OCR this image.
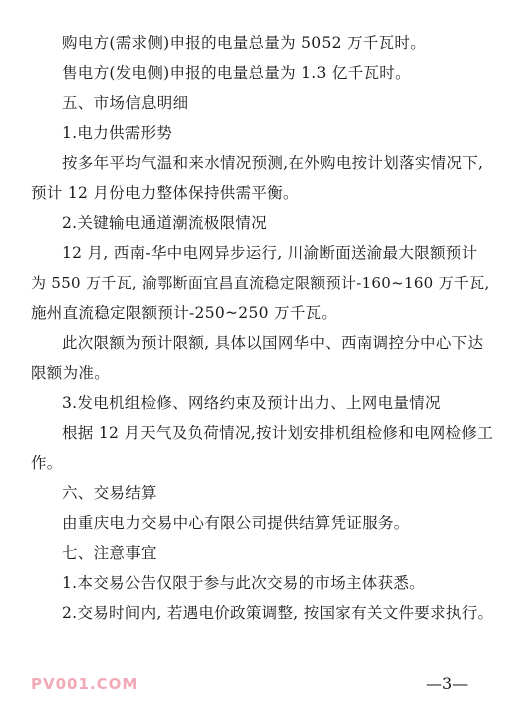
购电方(需求侧)申报的电量总量为 5052 万千瓦时。
售电方(发电侧)申报的电量总量为 1.3 亿千瓦时。
五、市场信息明细
1.电力供需形势
按多年平均气温和来水情况预测,在外购电按计划落实情况下,
预计 12 月份电力整体保持供需平衡。
2.关键输电通道潮流极限情况
12 月, 西南-华中电网异步运行, 川渝断面送渝最大限额预计
为 550 万千瓦, 渝鄂断面宜昌直流稳定限额预计-160~160 万千瓦,
施州直流稳定限额预计-250~250 万千瓦。
此次限额为预计限额, 具体以国网华中、西南调控分中心下达
限额为准。
3.发电机组检修、网络约束及预计出力、上网电量情况
根据 12 月天气及负荷情况,按计划安排机组检修和电网检修工
作。
六、交易结算
由重庆电力交易中心有限公司提供结算凭证服务。
七、注意事宜
1.本交易公告仅限于参与此次交易的市场主体获悉。
2.交易时间内, 若遇电价政策调整, 按国家有关文件要求执行。
PV001.COM	—3—
